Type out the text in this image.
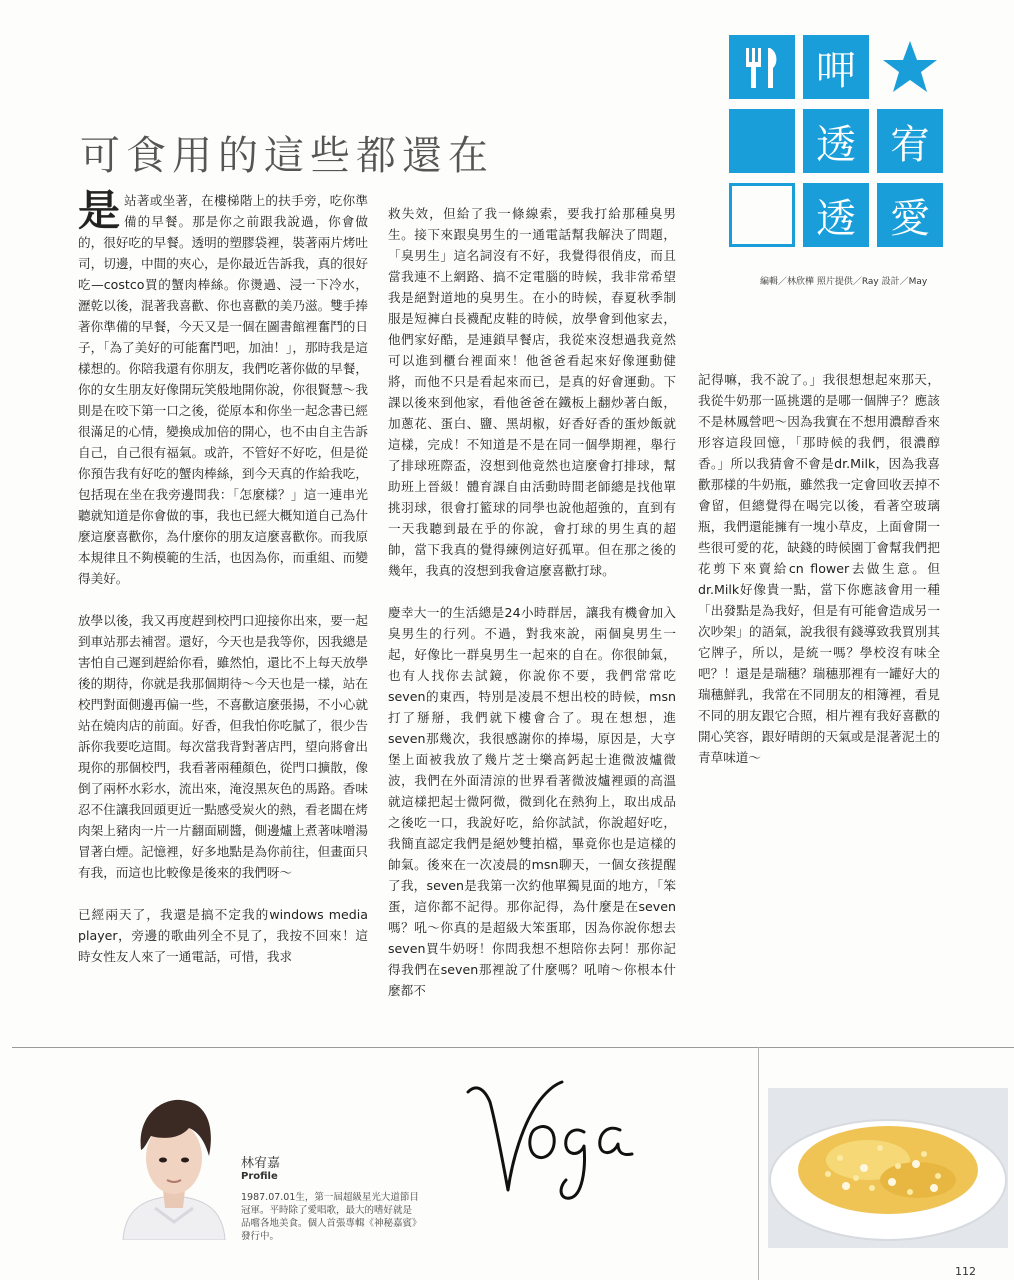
可食用的這些都還在
呷
透 宥
透 愛
編輯／林欣樺 照片提供／Ray 設計／May

是站著或坐著，在樓梯階上的扶手旁，吃你準備的早餐。那是你之前跟我說過，你會做的，很好吃的早餐。透明的塑膠袋裡，裝著兩片烤吐司，切邊，中間的夾心，是你最近告訴我，真的很好吃—costco買的蟹肉棒絲。你燙過、浸一下冷水，瀝乾以後，混著我喜歡、你也喜歡的美乃滋。雙手捧著你準備的早餐，今天又是一個在圖書館裡奮鬥的日子，「為了美好的可能奮鬥吧，加油！」，那時我是這樣想的。你陪我還有你朋友，我們吃著你做的早餐，你的女生朋友好像開玩笑般地開你說，你很賢慧～我則是在咬下第一口之後，從原本和你坐一起念書已經很滿足的心情，變換成加倍的開心，也不由自主告訴自己，自己很有福氣。或許，不管好不好吃，但是從你預告我有好吃的蟹肉棒絲，到今天真的作給我吃，包括現在坐在我旁邊問我：「怎麼樣？」這一連串光聽就知道是你會做的事，我也已經大概知道自己為什麼這麼喜歡你，為什麼你的朋友這麼喜歡你。而我原本規律且不夠模範的生活，也因為你，而重組、而變得美好。

放學以後，我又再度趕到校門口迎接你出來，要一起到車站那去補習。還好，今天也是我等你，因我總是害怕自己遲到趕給你看，雖然怕，還比不上每天放學後的期待，你就是我那個期待～今天也是一樣，站在校門對面側邊再偏一些，不喜歡這麼張揚，不小心就站在燒肉店的前面。好香，但我怕你吃膩了，很少告訴你我要吃這間。每次當我背對著店門，望向將會出現你的那個校門，我看著兩種顏色，從門口擴散，像倒了兩杯水彩水，流出來，淹沒黑灰色的馬路。香味忍不住讓我回頭更近一點感受炭火的熱，看老闆在烤肉架上豬肉一片一片翻面刷醬，側邊爐上煮著味噌湯冒著白煙。記憶裡，好多地點是為你前往，但畫面只有我，而這也比較像是後來的我們呀～

已經兩天了，我還是搞不定我的windows media player，旁邊的歌曲列全不見了，我按不回來！這時女性友人來了一通電話，可惜，我求

救失效，但給了我一條線索，要我打給那種臭男生。接下來跟臭男生的一通電話幫我解決了問題，「臭男生」這名詞沒有不好，我覺得很俏皮，而且當我連不上網路、搞不定電腦的時候，我非常希望我是絕對道地的臭男生。在小的時候，春夏秋季制服是短褲白長襪配皮鞋的時候，放學會到他家去，他們家好酷，是連鎖早餐店，我從來沒想過我竟然可以進到櫃台裡面來！他爸爸看起來好像運動健將，而他不只是看起來而已，是真的好會運動。下課以後來到他家，看他爸爸在鐵板上翻炒著白飯，加蔥花、蛋白、鹽、黑胡椒，好香好香的蛋炒飯就這樣，完成！不知道是不是在同一個學期裡，舉行了排球班際盃，沒想到他竟然也這麼會打排球，幫助班上晉級！體育課自由活動時間老師總是找他單挑羽球，很會打籃球的同學也說他超強的，直到有一天我聽到最在乎的你說，會打球的男生真的超帥，當下我真的覺得練例這好孤單。但在那之後的幾年，我真的沒想到我會這麼喜歡打球。

慶幸大一的生活總是24小時群居，讓我有機會加入臭男生的行列。不過，對我來說，兩個臭男生一起，好像比一群臭男生一起來的自在。你很帥氣，也有人找你去試鏡，你說你不要，我們常常吃seven的東西，特別是凌晨不想出校的時候，msn打了掰掰，我們就下樓會合了。現在想想，進seven那幾次，我很感謝你的捧場，原因是，大亨堡上面被我放了幾片芝士樂高鈣起士進微波爐微波，我們在外面清涼的世界看著微波爐裡頭的高溫就這樣把起士微阿微，微到化在熱狗上，取出成品之後吃一口，我說好吃，給你試試，你說超好吃，我簡直認定我們是絕妙雙拍檔，畢竟你也是這樣的帥氣。後來在一次凌晨的msn聊天，一個女孩提醒了我，seven是我第一次約他單獨見面的地方，「笨蛋，這你都不記得。那你記得，為什麼是在seven嗎？吼～你真的是超級大笨蛋耶，因為你說你想去seven買牛奶呀！你問我想不想陪你去阿！那你記得我們在seven那裡說了什麼嗎？吼唷～你根本什麼都不

記得嘛，我不說了。」我很想想起來那天，我從牛奶那一區挑選的是哪一個牌子？應該不是林鳳營吧～因為我實在不想用濃醇香來形容這段回憶，「那時候的我們，很濃醇香。」所以我猜會不會是dr.Milk，因為我喜歡那樣的牛奶瓶，雖然我一定會回收丟掉不會留，但總覺得在喝完以後，看著空玻璃瓶，我們還能擁有一塊小草皮，上面會開一些很可愛的花，缺錢的時候園丁會幫我們把花剪下來賣給cn flower去做生意。但dr.Milk好像貴一點，當下你應該會用一種「出發點是為我好，但是有可能會造成另一次吵架」的語氣，說我很有錢導致我買別其它牌子，所以，是統一嗎？學校沒有味全吧？！還是是瑞穗？瑞穗那裡有一罐好大的瑞穗鮮乳，我常在不同朋友的相簿裡，看見不同的朋友跟它合照，相片裡有我好喜歡的開心笑容，跟好晴朗的天氣或是混著泥土的青草味道～

林宥嘉
Profile
1987.07.01生，第一屆超級星光大道節目冠軍。平時除了愛唱歌，最大的嗜好就是品嚐各地美食。個人首張專輯《神秘嘉賓》發行中。
112
